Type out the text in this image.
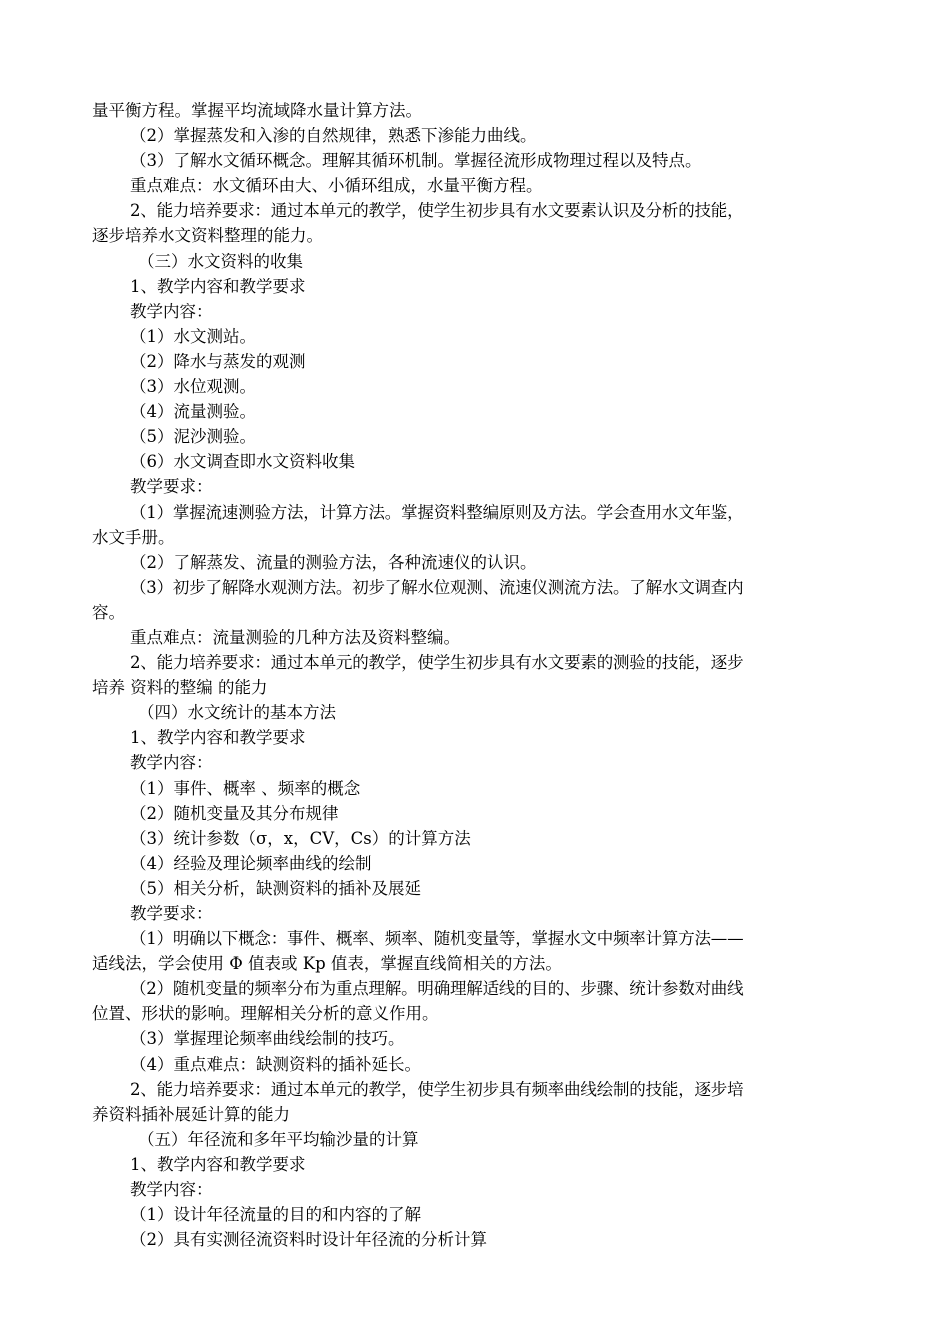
量平衡方程。掌握平均流域降水量计算方法。
（2）掌握蒸发和入渗的自然规律，熟悉下渗能力曲线。
（3）了解水文循环概念。理解其循环机制。掌握径流形成物理过程以及特点。
重点难点：水文循环由大、小循环组成，水量平衡方程。
2、能力培养要求：通过本单元的教学，使学生初步具有水文要素认识及分析的技能，
逐步培养水文资料整理的能力。
（三）水文资料的收集
1、教学内容和教学要求
教学内容：
（1）水文测站。
（2）降水与蒸发的观测
（3）水位观测。
（4）流量测验。
（5）泥沙测验。
（6）水文调查即水文资料收集
教学要求：
（1）掌握流速测验方法，计算方法。掌握资料整编原则及方法。学会查用水文年鉴，
水文手册。
（2）了解蒸发、流量的测验方法，各种流速仪的认识。
（3）初步了解降水观测方法。初步了解水位观测、流速仪测流方法。了解水文调查内
容。
重点难点：流量测验的几种方法及资料整编。
2、能力培养要求：通过本单元的教学，使学生初步具有水文要素的测验的技能，逐步
培养 资料的整编 的能力
（四）水文统计的基本方法
1、教学内容和教学要求
教学内容：
（1）事件、概率 、频率的概念
（2）随机变量及其分布规律
（3）统计参数（σ，x，CV，Cs）的计算方法
（4）经验及理论频率曲线的绘制
（5）相关分析，缺测资料的插补及展延
教学要求：
（1）明确以下概念：事件、概率、频率、随机变量等，掌握水文中频率计算方法——
适线法，学会使用 Φ 值表或 Kp 值表，掌握直线简相关的方法。
（2）随机变量的频率分布为重点理解。明确理解适线的目的、步骤、统计参数对曲线
位置、形状的影响。理解相关分析的意义作用。
（3）掌握理论频率曲线绘制的技巧。
（4）重点难点：缺测资料的插补延长。
2、能力培养要求：通过本单元的教学，使学生初步具有频率曲线绘制的技能，逐步培
养资料插补展延计算的能力
（五）年径流和多年平均输沙量的计算
1、教学内容和教学要求
教学内容：
（1）设计年径流量的目的和内容的了解
（2）具有实测径流资料时设计年径流的分析计算
